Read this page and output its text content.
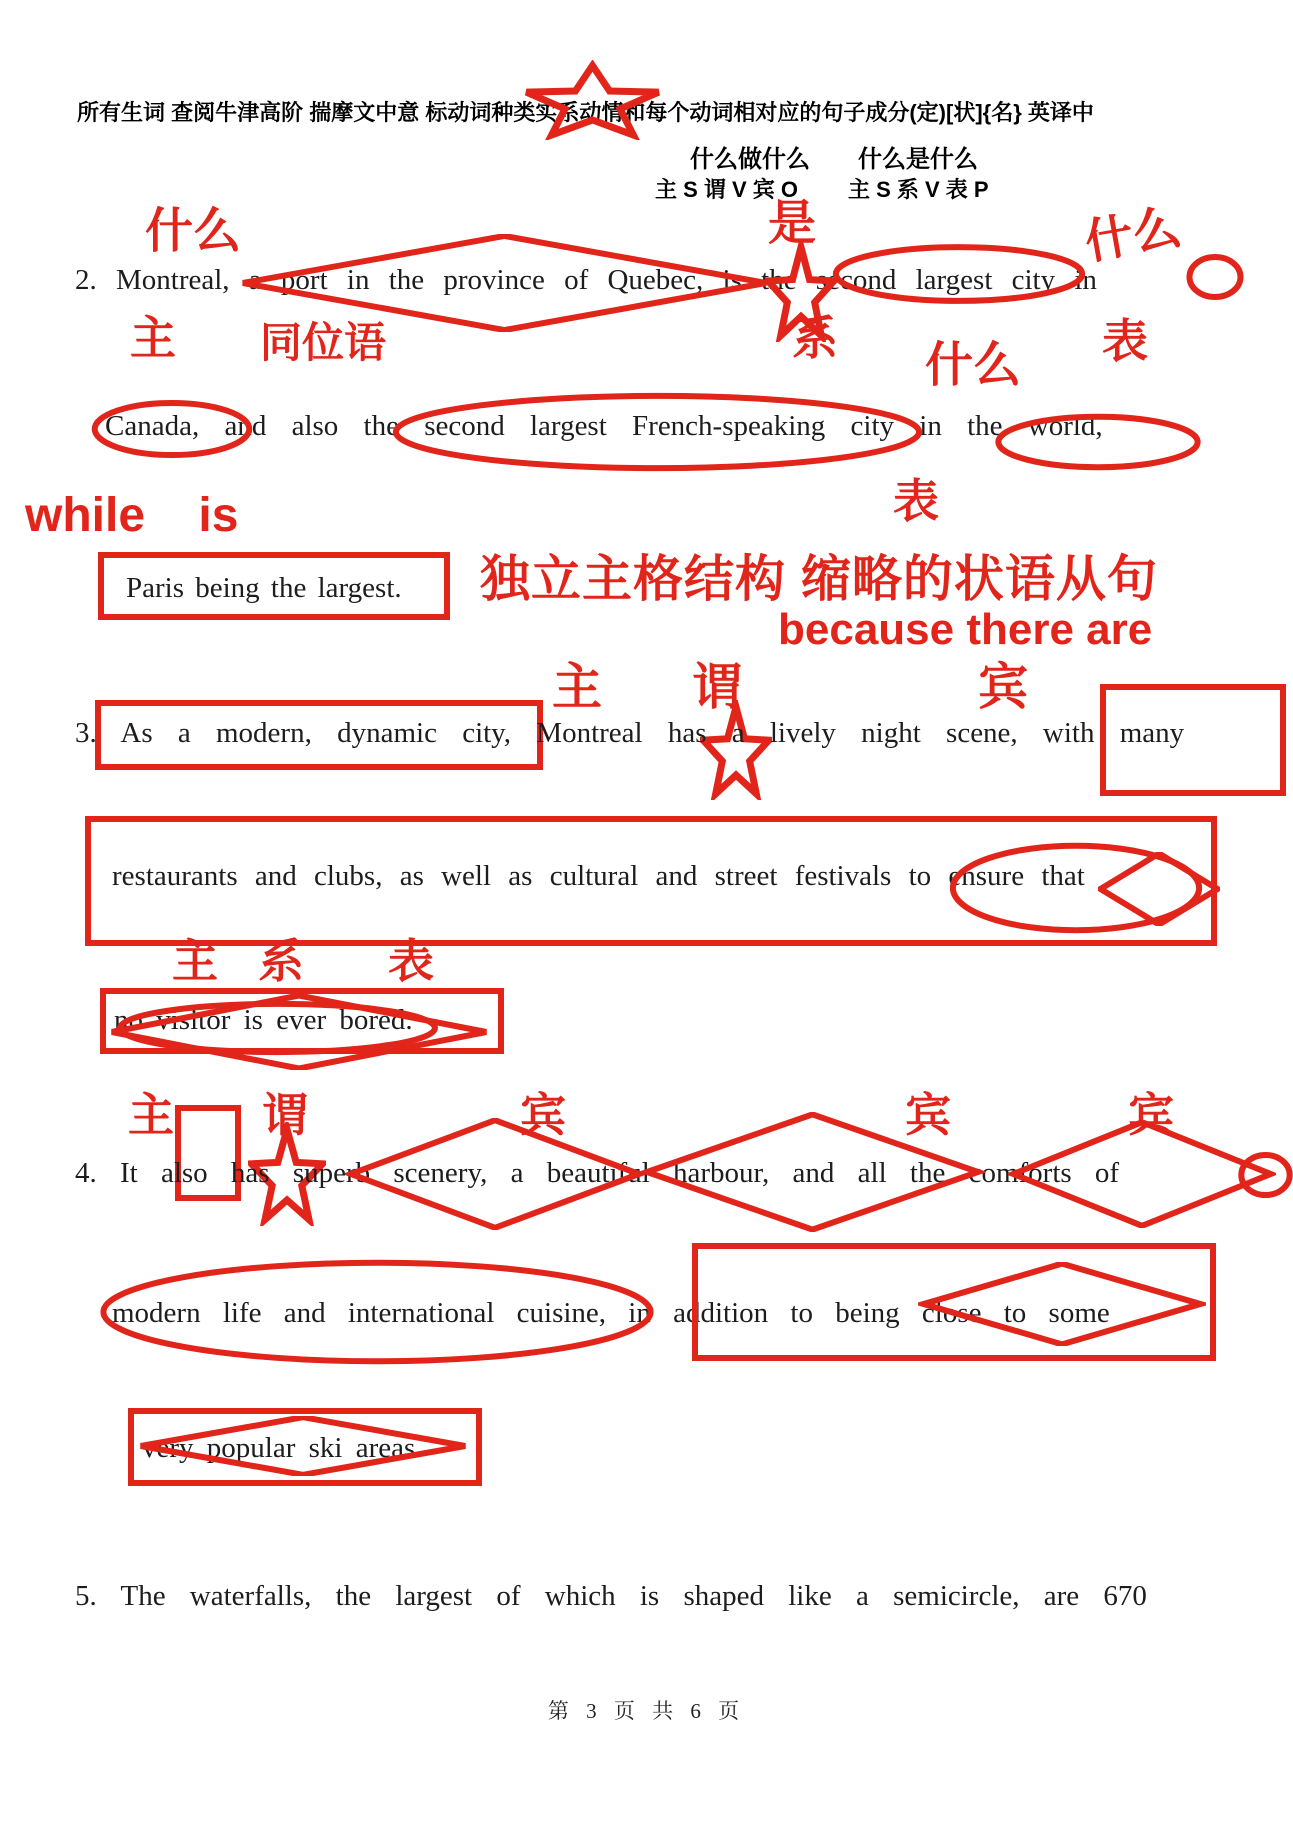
所有生词 查阅牛津高阶 揣摩文中意 标动词种类实系动情和每个动词相对应的句子成分(定)[状]{名} 英译中
什么做什么 什么是什么
主 S 谓 V 宾 O 主 S 系 V 表 P
什么	是	什么
2. Montreal, a port in the province of Quebec, is the second largest city in
主 同位语	系	表
什么
Canada, and also the second largest French-speaking city in the world,
表
while    is
Paris being the largest. 独立主格结构 缩略的状语从句
because there are
主 谓	宾
3. As a modern, dynamic city, Montreal has a lively night scene, with many
restaurants and clubs, as well as cultural and street festivals to ensure that
主 系 表
no visitor is ever bored.
主 谓	宾	宾	宾
4. It also has superb scenery, a beautiful harbour, and all the comforts of
modern life and international cuisine, in addition to being close to some
very popular ski areas.
5. The waterfalls, the largest of which is shaped like a semicircle, are 670
第 3 页 共 6 页
